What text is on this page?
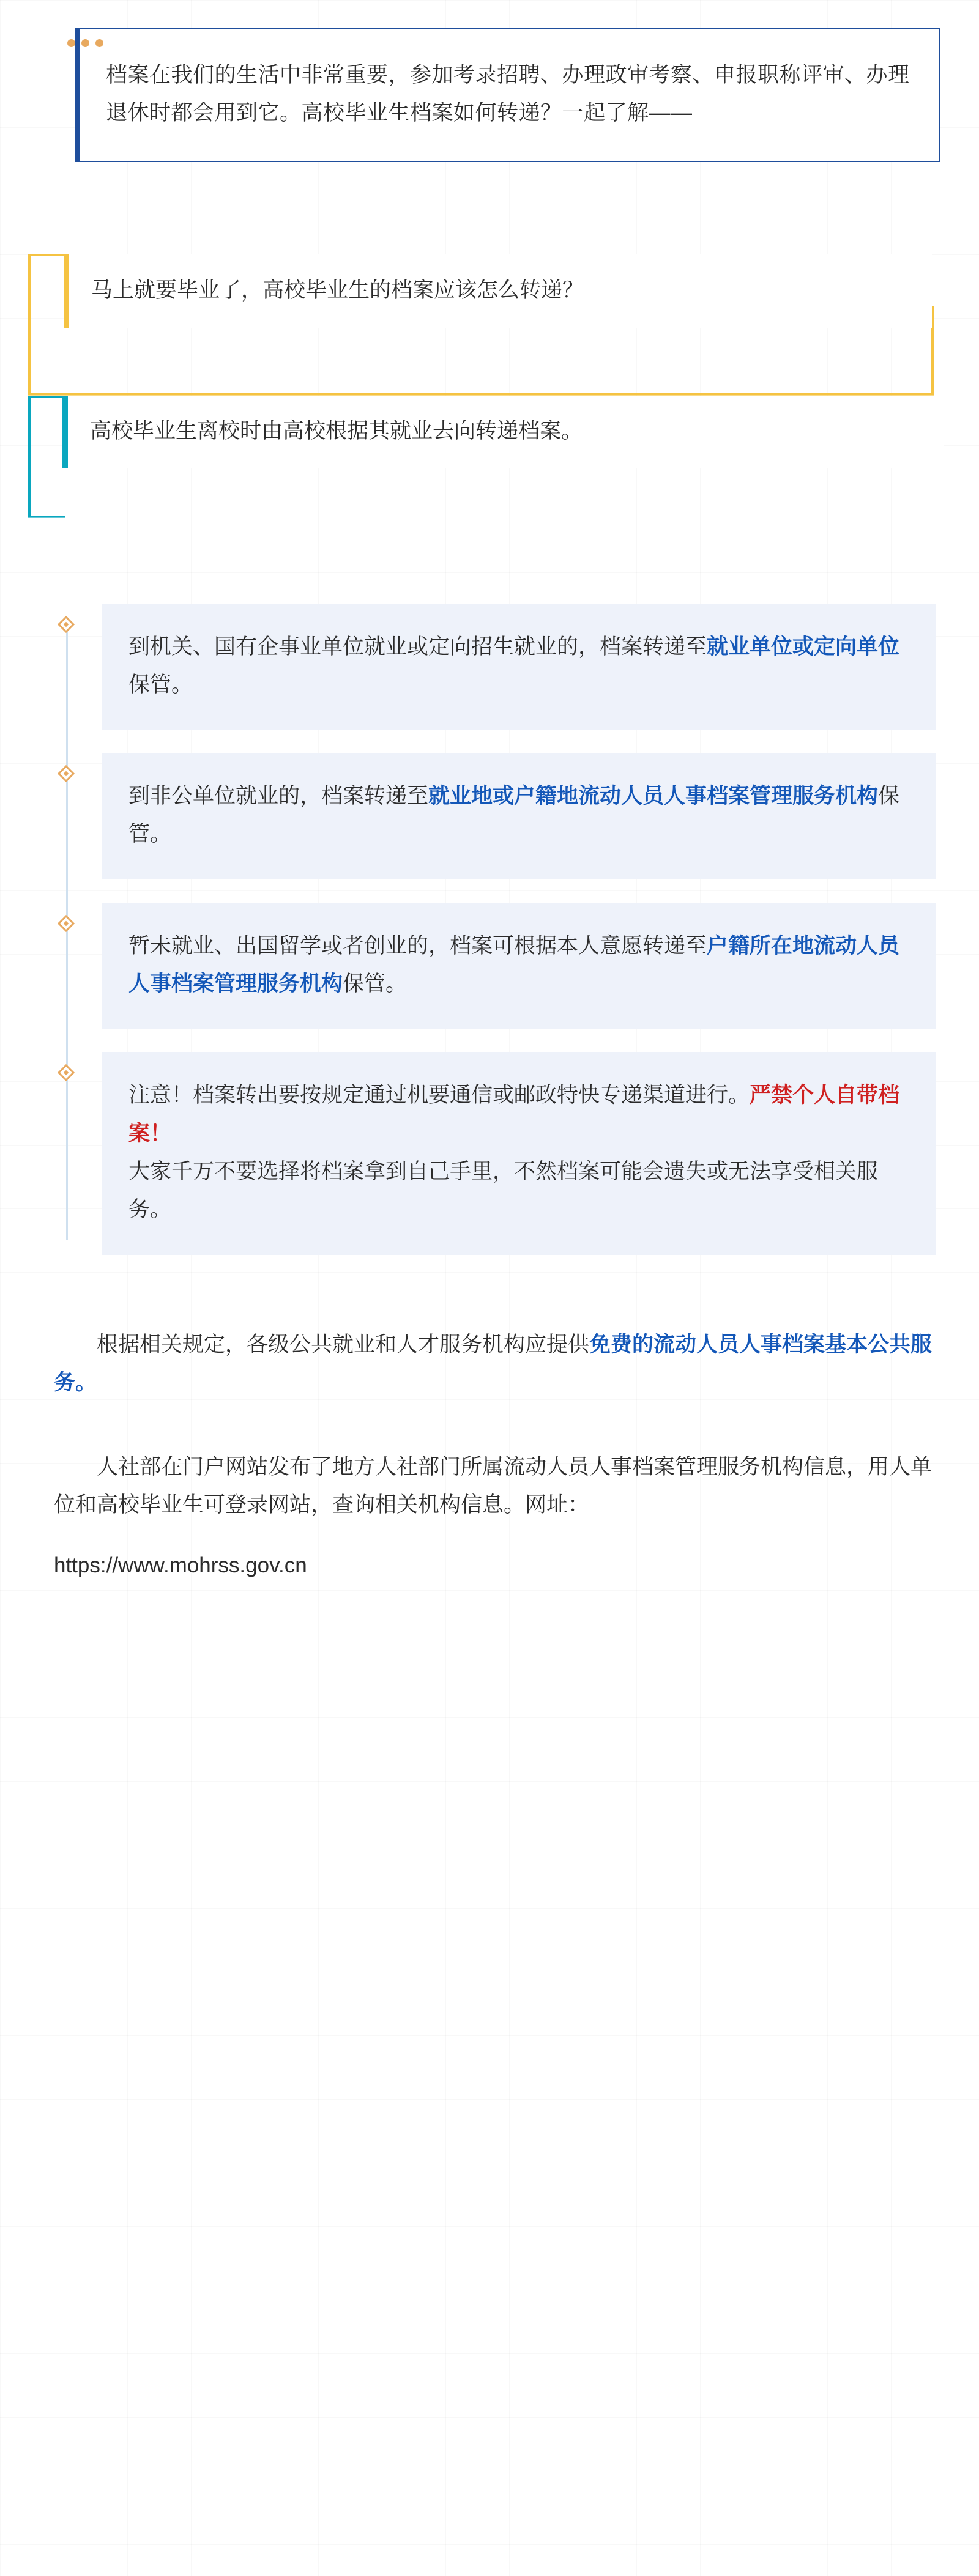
档案在我们的生活中非常重要，参加考录招聘、办理政审考察、申报职称评审、办理退休时都会用到它。高校毕业生档案如何转递？一起了解——

马上就要毕业了，高校毕业生的档案应该怎么转递？

高校毕业生离校时由高校根据其就业去向转递档案。

到机关、国有企事业单位就业或定向招生就业的，档案转递至就业单位或定向单位保管。

到非公单位就业的，档案转递至就业地或户籍地流动人员人事档案管理服务机构保管。

暂未就业、出国留学或者创业的，档案可根据本人意愿转递至户籍所在地流动人员人事档案管理服务机构保管。

注意！档案转出要按规定通过机要通信或邮政特快专递渠道进行。严禁个人自带档案！
大家千万不要选择将档案拿到自己手里，不然档案可能会遗失或无法享受相关服务。

根据相关规定，各级公共就业和人才服务机构应提供免费的流动人员人事档案基本公共服务。

人社部在门户网站发布了地方人社部门所属流动人员人事档案管理服务机构信息，用人单位和高校毕业生可登录网站，查询相关机构信息。网址：

https://www.mohrss.gov.cn
